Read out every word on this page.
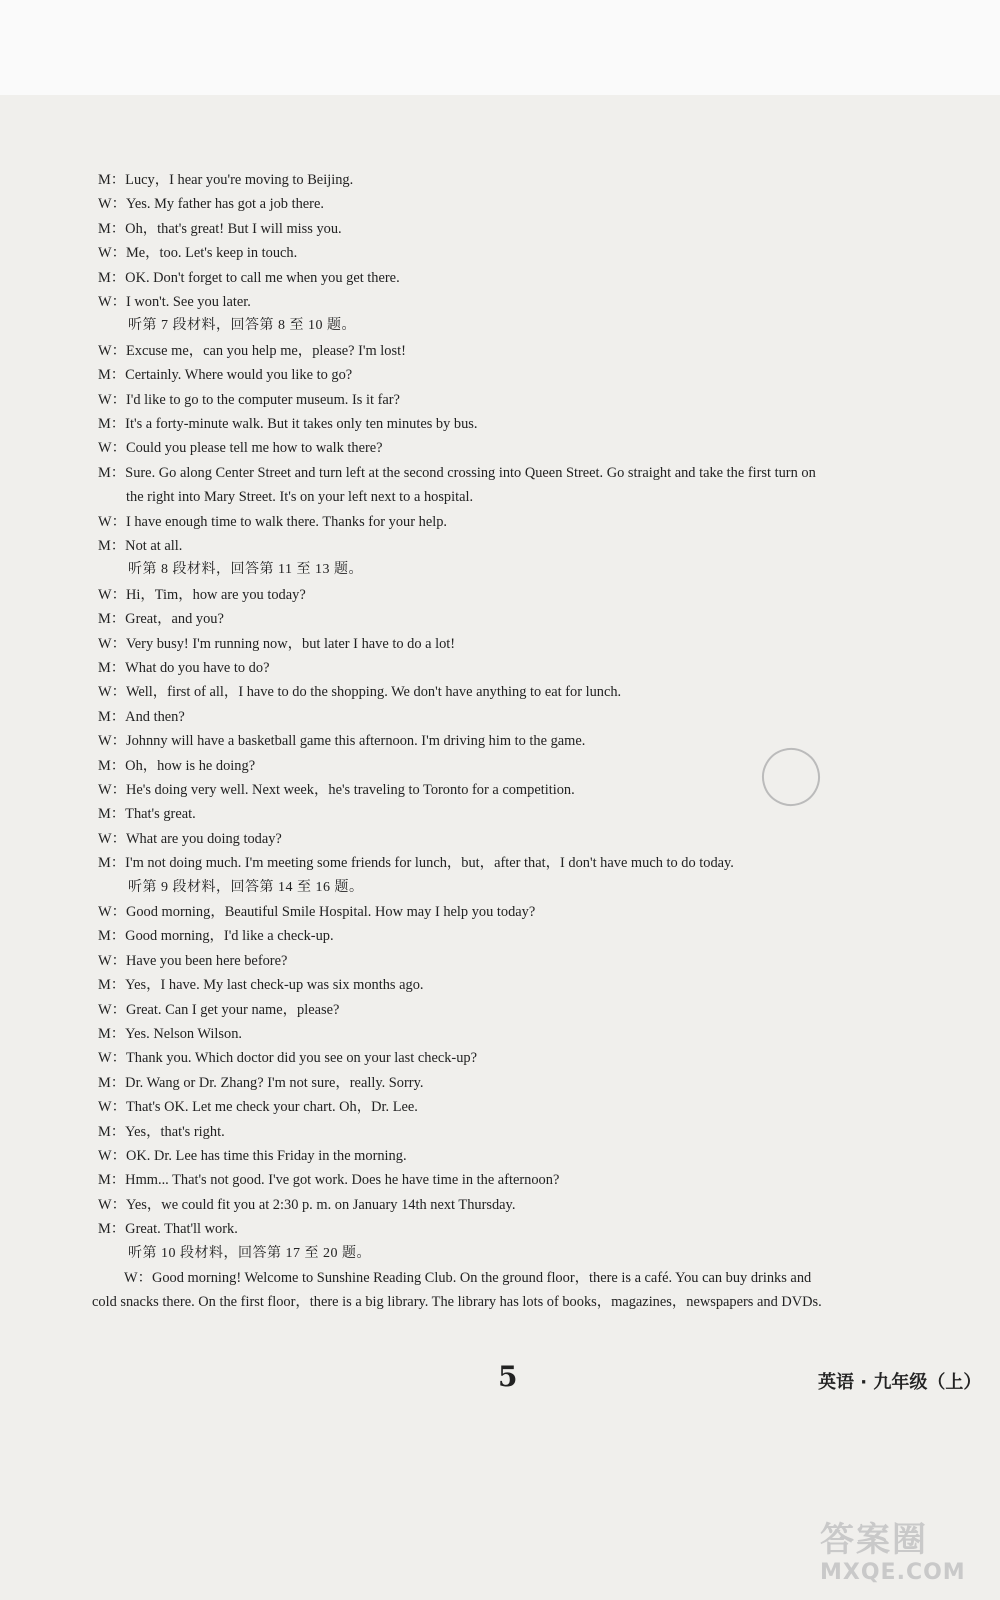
M：Lucy，I hear you're moving to Beijing.
W：Yes. My father has got a job there.
M：Oh，that's great! But I will miss you.
W：Me，too. Let's keep in touch.
M：OK. Don't forget to call me when you get there.
W：I won't. See you later.
听第 7 段材料，回答第 8 至 10 题。
W：Excuse me，can you help me，please? I'm lost!
M：Certainly. Where would you like to go?
W：I'd like to go to the computer museum. Is it far?
M：It's a forty-minute walk. But it takes only ten minutes by bus.
W：Could you please tell me how to walk there?
M：Sure. Go along Center Street and turn left at the second crossing into Queen Street. Go straight and take the first turn on
the right into Mary Street. It's on your left next to a hospital.
W：I have enough time to walk there. Thanks for your help.
M：Not at all.
听第 8 段材料，回答第 11 至 13 题。
W：Hi，Tim，how are you today?
M：Great，and you?
W：Very busy! I'm running now，but later I have to do a lot!
M：What do you have to do?
W：Well，first of all，I have to do the shopping. We don't have anything to eat for lunch.
M：And then?
W：Johnny will have a basketball game this afternoon. I'm driving him to the game.
M：Oh，how is he doing?
W：He's doing very well. Next week，he's traveling to Toronto for a competition.
M：That's great.
W：What are you doing today?
M：I'm not doing much. I'm meeting some friends for lunch，but，after that，I don't have much to do today.
听第 9 段材料，回答第 14 至 16 题。
W：Good morning，Beautiful Smile Hospital. How may I help you today?
M：Good morning，I'd like a check-up.
W：Have you been here before?
M：Yes，I have. My last check-up was six months ago.
W：Great. Can I get your name，please?
M：Yes. Nelson Wilson.
W：Thank you. Which doctor did you see on your last check-up?
M：Dr. Wang or Dr. Zhang? I'm not sure，really. Sorry.
W：That's OK. Let me check your chart. Oh，Dr. Lee.
M：Yes，that's right.
W：OK. Dr. Lee has time this Friday in the morning.
M：Hmm... That's not good. I've got work. Does he have time in the afternoon?
W：Yes，we could fit you at 2:30 p. m. on January 14th next Thursday.
M：Great. That'll work.
听第 10 段材料，回答第 17 至 20 题。
W：Good morning! Welcome to Sunshine Reading Club. On the ground floor，there is a café. You can buy drinks and
cold snacks there. On the first floor，there is a big library. The library has lots of books，magazines，newspapers and DVDs.
5	英语 · 九年级（上）
答案圈
MXQE.COM
